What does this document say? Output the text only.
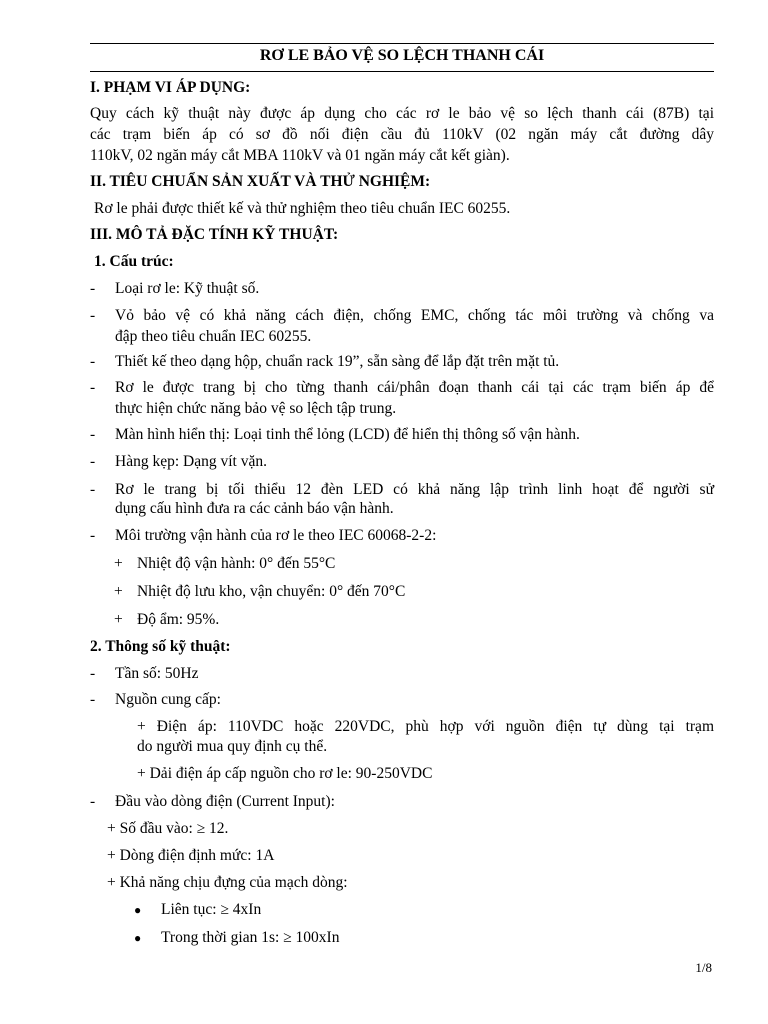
RƠ LE BẢO VỆ SO LỆCH THANH CÁI
I. PHẠM VI ÁP DỤNG:
Quy cách kỹ thuật này được áp dụng cho các rơ le bảo vệ so lệch thanh cái (87B) tại
các trạm biến áp có sơ đồ nối điện cầu đủ 110kV (02 ngăn máy cắt đường dây
110kV, 02 ngăn máy cắt MBA 110kV và 01 ngăn máy cắt kết giàn).
II. TIÊU CHUẨN SẢN XUẤT VÀ THỬ NGHIỆM:
Rơ le phải được thiết kế và thử nghiệm theo tiêu chuẩn IEC 60255.
III. MÔ TẢ ĐẶC TÍNH KỸ THUẬT:
1. Cấu trúc:
- Loại rơ le: Kỹ thuật số.
- Vỏ bảo vệ có khả năng cách điện, chống EMC, chống tác môi trường và chống va
đập theo tiêu chuẩn IEC 60255.
- Thiết kế theo dạng hộp, chuẩn rack 19”, sẵn sàng để lắp đặt trên mặt tủ.
- Rơ le được trang bị cho từng thanh cái/phân đoạn thanh cái tại các trạm biến áp để
thực hiện chức năng bảo vệ so lệch tập trung.
- Màn hình hiển thị: Loại tinh thể lỏng (LCD) để hiển thị thông số vận hành.
- Hàng kẹp: Dạng vít vặn.
- Rơ le trang bị tối thiểu 12 đèn LED có khả năng lập trình linh hoạt để người sử
dụng cấu hình đưa ra các cảnh báo vận hành.
- Môi trường vận hành của rơ le theo IEC 60068-2-2:
+ Nhiệt độ vận hành: 0° đến 55°C
+ Nhiệt độ lưu kho, vận chuyển: 0° đến 70°C
+ Độ ẩm: 95%.
2. Thông số kỹ thuật:
- Tần số: 50Hz
- Nguồn cung cấp:
+ Điện áp: 110VDC hoặc 220VDC, phù hợp với nguồn điện tự dùng tại trạm
do người mua quy định cụ thể.
+ Dải điện áp cấp nguồn cho rơ le: 90-250VDC
- Đầu vào dòng điện (Current Input):
+ Số đầu vào: ≥ 12.
+ Dòng điện định mức: 1A
+ Khả năng chịu đựng của mạch dòng:
● Liên tục: ≥ 4xIn
● Trong thời gian 1s: ≥ 100xIn
1/8
